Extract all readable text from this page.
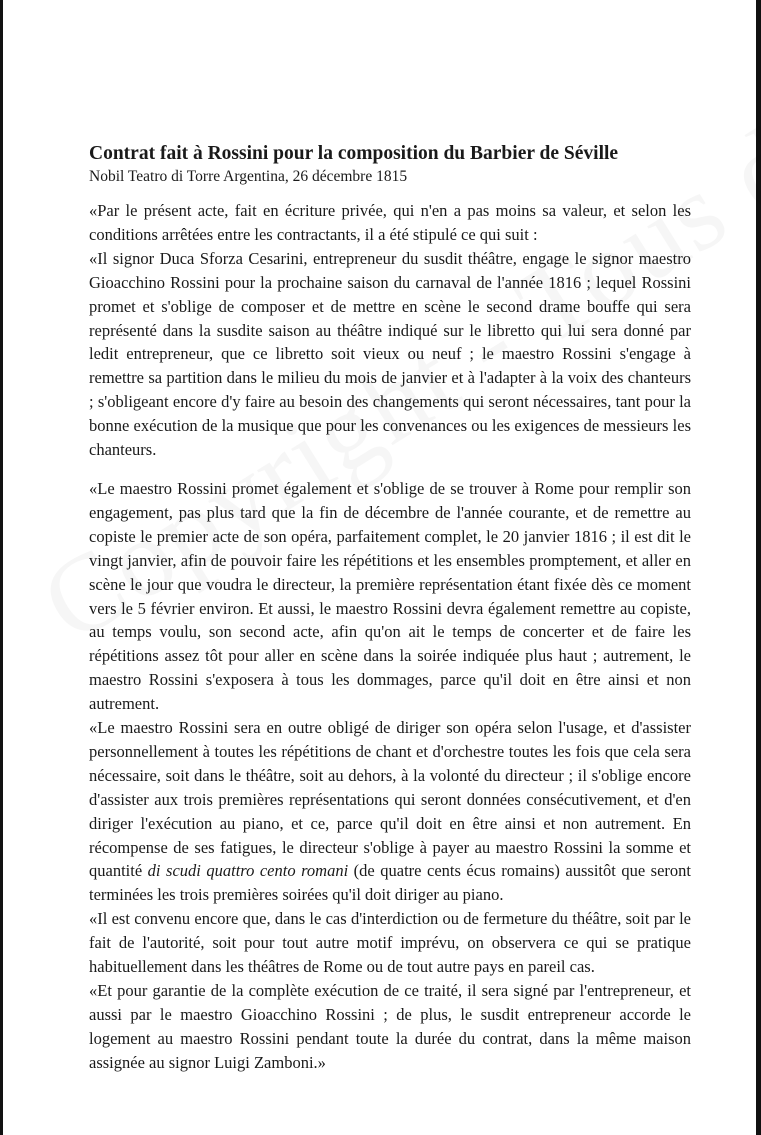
Contrat fait à Rossini pour la composition du Barbier de Séville

Nobil Teatro di Torre Argentina, 26 décembre 1815

«Par le présent acte, fait en écriture privée, qui n'en a pas moins sa valeur, et selon les conditions arrêtées entre les contractants, il a été stipulé ce qui suit :

«Il signor Duca Sforza Cesarini, entrepreneur du susdit théâtre, engage le signor maestro Gioacchino Rossini pour la prochaine saison du carnaval de l'année 1816 ; lequel Rossini promet et s'oblige de composer et de mettre en scène le second drame bouffe qui sera représenté dans la susdite saison au théâtre indiqué sur le libretto qui lui sera donné par ledit entrepreneur, que ce libretto soit vieux ou neuf ; le maestro Rossini s'engage à remettre sa partition dans le milieu du mois de janvier et à l'adapter à la voix des chanteurs ; s'obligeant encore d'y faire au besoin des changements qui seront nécessaires, tant pour la bonne exécution de la musique que pour les convenances ou les exigences de messieurs les chanteurs.

«Le maestro Rossini promet également et s'oblige de se trouver à Rome pour remplir son engagement, pas plus tard que la fin de décembre de l'année courante, et de remettre au copiste le premier acte de son opéra, parfaitement complet, le 20 janvier 1816 ; il est dit le vingt janvier, afin de pouvoir faire les répétitions et les ensembles promptement, et aller en scène le jour que voudra le directeur, la première représentation étant fixée dès ce moment vers le 5 février environ. Et aussi, le maestro Rossini devra également remettre au copiste, au temps voulu, son second acte, afin qu'on ait le temps de concerter et de faire les répétitions assez tôt pour aller en scène dans la soirée indiquée plus haut ; autrement, le maestro Rossini s'exposera à tous les dommages, parce qu'il doit en être ainsi et non autrement.

«Le maestro Rossini sera en outre obligé de diriger son opéra selon l'usage, et d'assister personnellement à toutes les répétitions de chant et d'orchestre toutes les fois que cela sera nécessaire, soit dans le théâtre, soit au dehors, à la volonté du directeur ; il s'oblige encore d'assister aux trois premières représentations qui seront données consécutivement, et d'en diriger l'exécution au piano, et ce, parce qu'il doit en être ainsi et non autrement. En récompense de ses fatigues, le directeur s'oblige à payer au maestro Rossini la somme et quantité di scudi quattro cento romani (de quatre cents écus romains) aussitôt que seront terminées les trois premières soirées qu'il doit diriger au piano.

«Il est convenu encore que, dans le cas d'interdiction ou de fermeture du théâtre, soit par le fait de l'autorité, soit pour tout autre motif imprévu, on observera ce qui se pratique habituellement dans les théâtres de Rome ou de tout autre pays en pareil cas.

«Et pour garantie de la complète exécution de ce traité, il sera signé par l'entrepreneur, et aussi par le maestro Gioacchino Rossini ; de plus, le susdit entrepreneur accorde le logement au maestro Rossini pendant toute la durée du contrat, dans la même maison assignée au signor Luigi Zamboni.»
